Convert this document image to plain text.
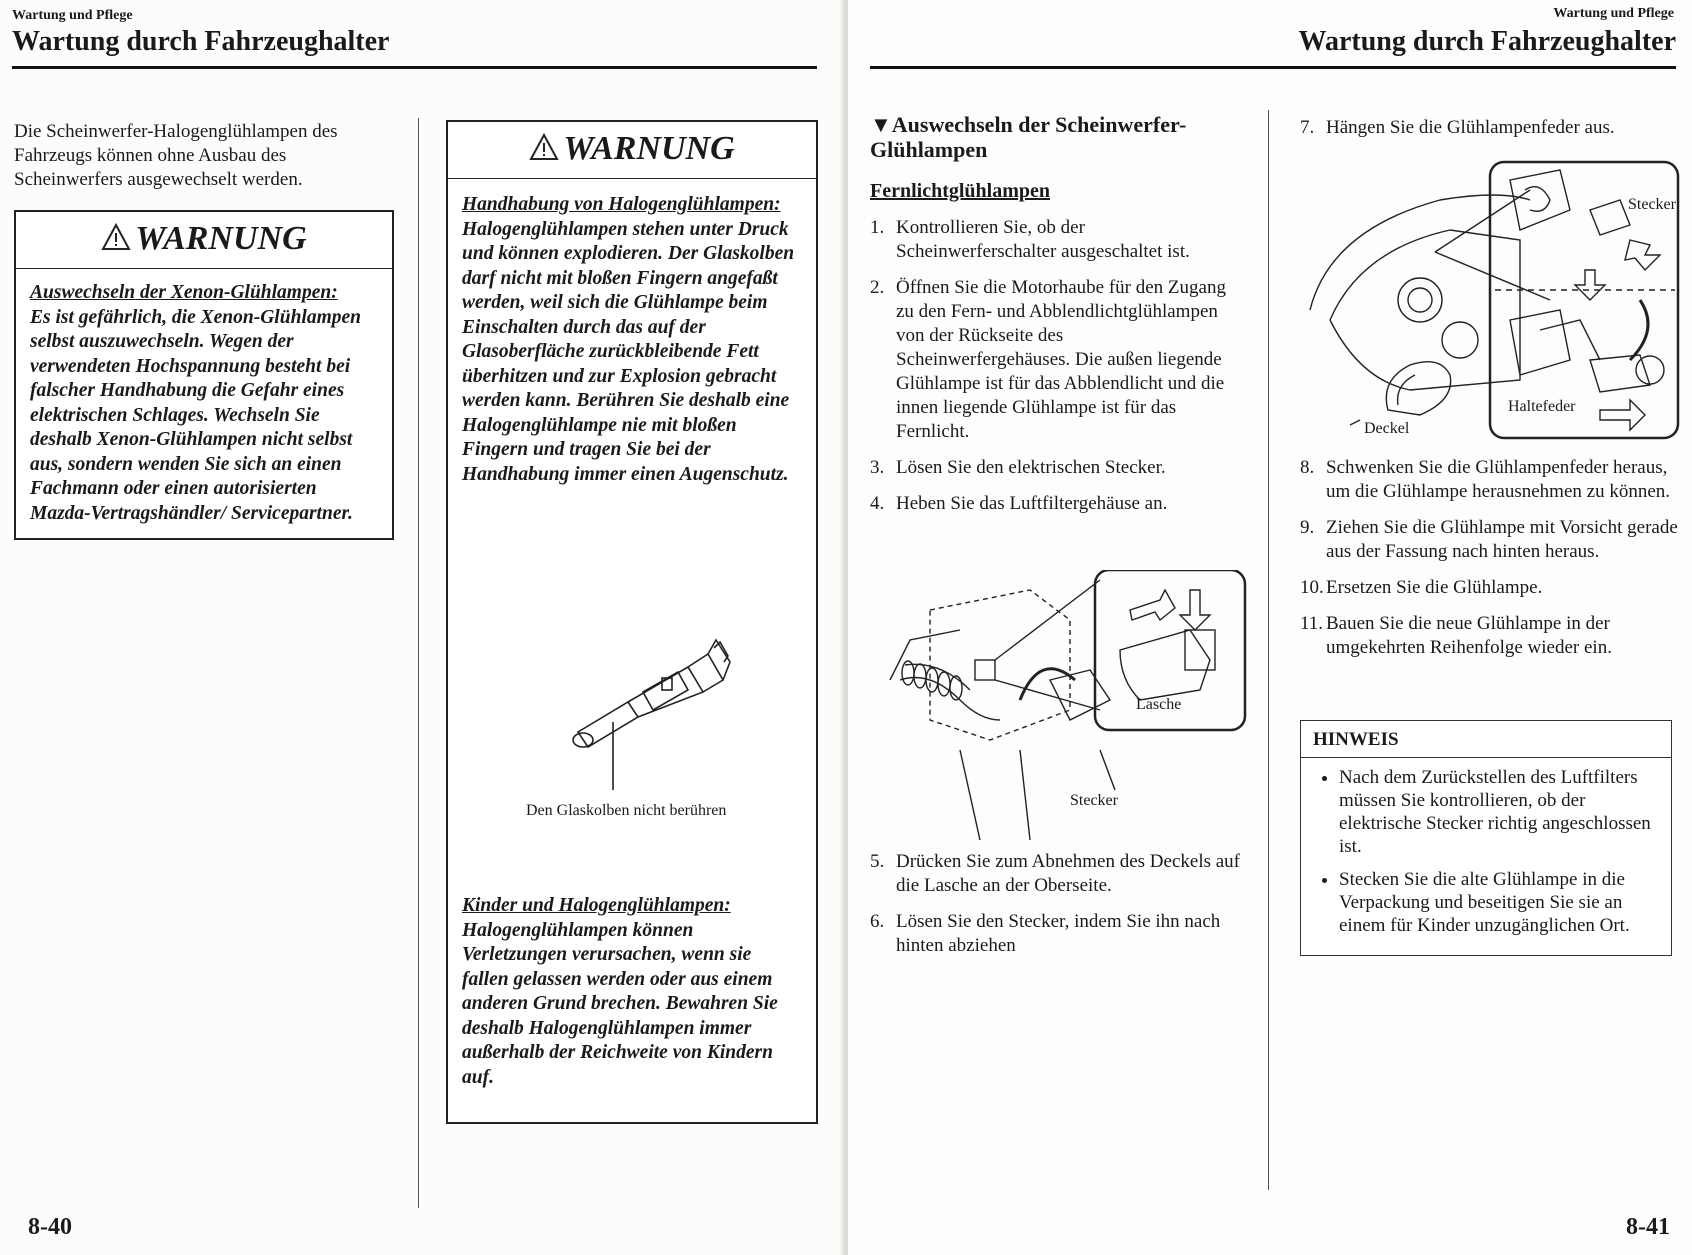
Wartung und Pflege
Wartung durch Fahrzeughalter
Die Scheinwerfer-Halogenglühlampen des Fahrzeugs können ohne Ausbau des Scheinwerfers ausgewechselt werden.
WARNUNG
Auswechseln der Xenon-Glühlampen:
Es ist gefährlich, die Xenon-Glühlampen selbst auszuwechseln. Wegen der verwendeten Hochspannung besteht bei falscher Handhabung die Gefahr eines elektrischen Schlages. Wechseln Sie deshalb Xenon-Glühlampen nicht selbst aus, sondern wenden Sie sich an einen Fachmann oder einen autorisierten Mazda-Vertragshändler/ Servicepartner.
WARNUNG
Handhabung von Halogenglühlampen:
Halogenglühlampen stehen unter Druck und können explodieren. Der Glaskolben darf nicht mit bloßen Fingern angefaßt werden, weil sich die Glühlampe beim Einschalten durch das auf der Glasoberfläche zurückbleibende Fett überhitzen und zur Explosion gebracht werden kann. Berühren Sie deshalb eine Halogenglühlampe nie mit bloßen Fingern und tragen Sie bei der Handhabung immer einen Augenschutz.
Den Glaskolben nicht berühren
Kinder und Halogenglühlampen:
Halogenglühlampen können Verletzungen verursachen, wenn sie fallen gelassen werden oder aus einem anderen Grund brechen. Bewahren Sie deshalb Halogenglühlampen immer außerhalb der Reichweite von Kindern auf.
8-40
Wartung und Pflege
Wartung durch Fahrzeughalter
▼Auswechseln der Scheinwerfer-Glühlampen
Fernlichtglühlampen
1. Kontrollieren Sie, ob der Scheinwerferschalter ausgeschaltet ist.
2. Öffnen Sie die Motorhaube für den Zugang zu den Fern- und Abblendlichtglühlampen von der Rückseite des Scheinwerfergehäuses. Die außen liegende Glühlampe ist für das Abblendlicht und die innen liegende Glühlampe ist für das Fernlicht.
3. Lösen Sie den elektrischen Stecker.
4. Heben Sie das Luftfiltergehäuse an.
Lasche
Stecker
5. Drücken Sie zum Abnehmen des Deckels auf die Lasche an der Oberseite.
6. Lösen Sie den Stecker, indem Sie ihn nach hinten abziehen
7. Hängen Sie die Glühlampenfeder aus.
Stecker
Haltefeder
Deckel
8. Schwenken Sie die Glühlampenfeder heraus, um die Glühlampe herausnehmen zu können.
9. Ziehen Sie die Glühlampe mit Vorsicht gerade aus der Fassung nach hinten heraus.
10. Ersetzen Sie die Glühlampe.
11. Bauen Sie die neue Glühlampe in der umgekehrten Reihenfolge wieder ein.
HINWEIS
• Nach dem Zurückstellen des Luftfilters müssen Sie kontrollieren, ob der elektrische Stecker richtig angeschlossen ist.
• Stecken Sie die alte Glühlampe in die Verpackung und beseitigen Sie sie an einem für Kinder unzugänglichen Ort.
8-41
